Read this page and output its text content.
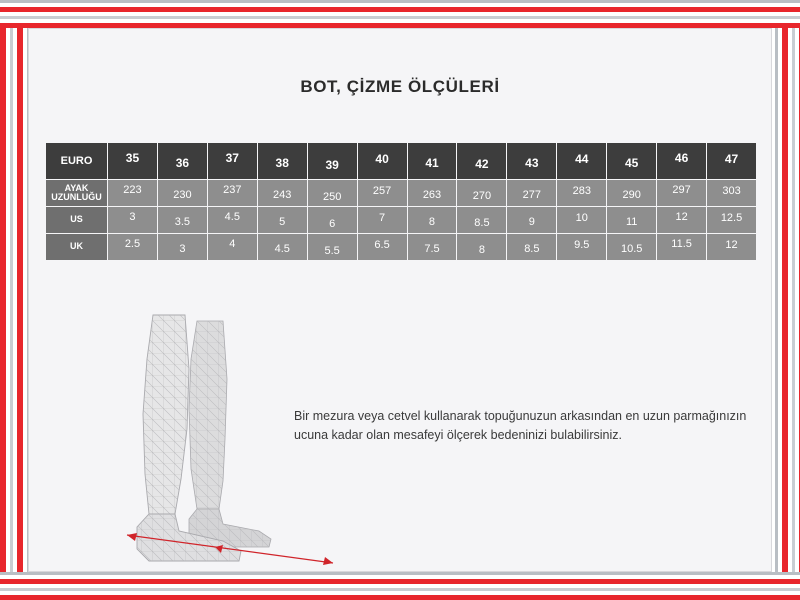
BOT, ÇİZME ÖLÇÜLERİ
EURO	35	36	37	38	39	40	41	42	43	44	45	46	47

AYAK
UZUNLUĞU	223	230	237	243	250	257	263	270	277	283	290	297	303

US	3	3.5	4.5	5	6	7	8	8.5	9	10	11	12	12.5

UK	2.5	3	4	4.5	5.5	6.5	7.5	8	8.5	9.5	10.5	11.5	12
Bir mezura veya cetvel kullanarak topuğunuzun arkasından en uzun parmağınızın ucuna kadar olan mesafeyi ölçerek bedeninizi bulabilirsiniz.
